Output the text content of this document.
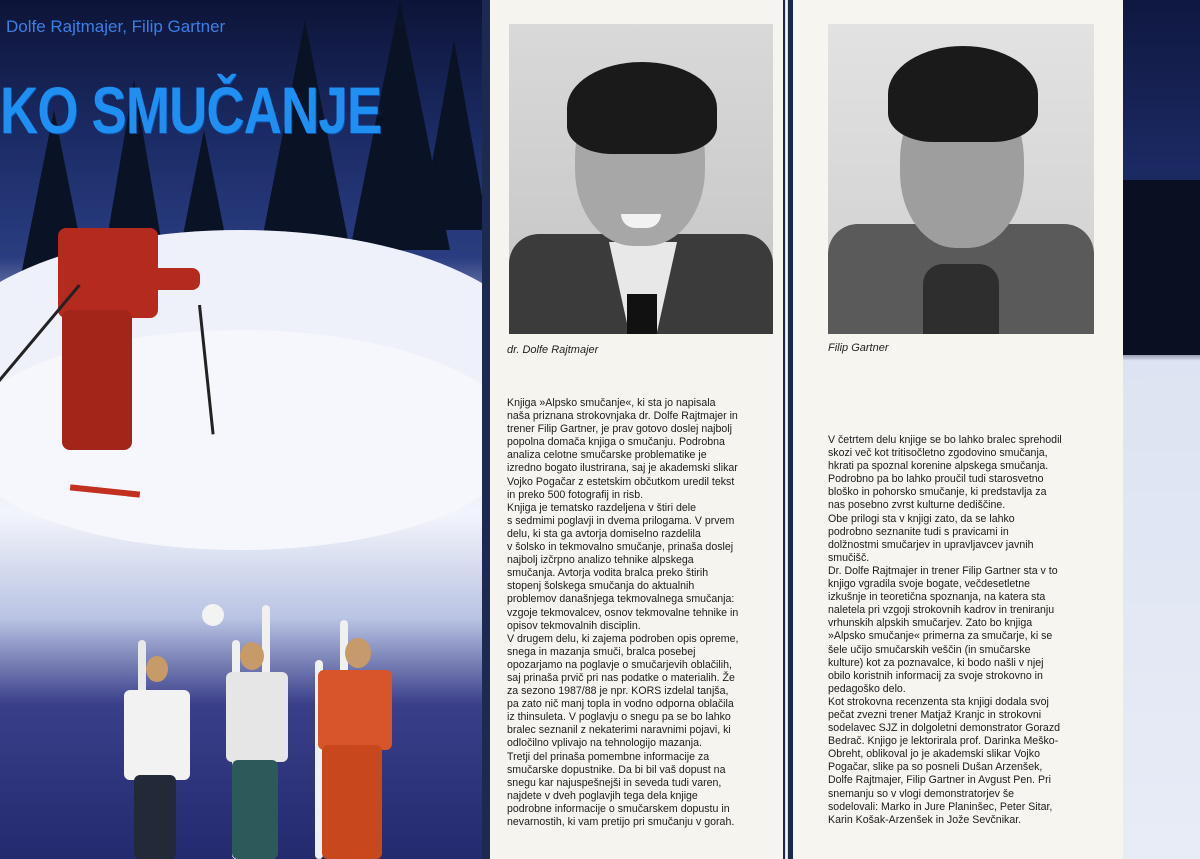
Dolfe Rajtmajer, Filip Gartner
KO SMUČANJE
dr. Dolfe Rajtmajer
Knjiga »Alpsko smučanje«, ki sta jo napisala
naša priznana strokovnjaka dr. Dolfe Rajtmajer in
trener Filip Gartner, je prav gotovo doslej najbolj
popolna domača knjiga o smučanju. Podrobna
analiza celotne smučarske problematike je
izredno bogato ilustrirana, saj je akademski slikar
Vojko Pogačar z estetskim občutkom uredil tekst
in preko 500 fotografij in risb.
Knjiga je tematsko razdeljena v štiri dele
s sedmimi poglavji in dvema prilogama. V prvem
delu, ki sta ga avtorja domiselno razdelila
v šolsko in tekmovalno smučanje, prinaša doslej
najbolj izčrpno analizo tehnike alpskega
smučanja. Avtorja vodita bralca preko štirih
stopenj šolskega smučanja do aktualnih
problemov današnjega tekmovalnega smučanja:
vzgoje tekmovalcev, osnov tekmovalne tehnike in
opisov tekmovalnih disciplin.
V drugem delu, ki zajema podroben opis opreme,
snega in mazanja smuči, bralca posebej
opozarjamo na poglavje o smučarjevih oblačilih,
saj prinaša prvič pri nas podatke o materialih. Že
za sezono 1987/88 je npr. KORS izdelal tanjša,
pa zato nič manj topla in vodno odporna oblačila
iz thinsuleta. V poglavju o snegu pa se bo lahko
bralec seznanil z nekaterimi naravnimi pojavi, ki
odločilno vplivajo na tehnologijo mazanja.
Tretji del prinaša pomembne informacije za
smučarske dopustnike. Da bi bil vaš dopust na
snegu kar najuspešnejši in seveda tudi varen,
najdete v dveh poglavjih tega dela knjige
podrobne informacije o smučarskem dopustu in
nevarnostih, ki vam pretijo pri smučanju v gorah.
Filip Gartner
V četrtem delu knjige se bo lahko bralec sprehodil
skozi več kot tritisočletno zgodovino smučanja,
hkrati pa spoznal korenine alpskega smučanja.
Podrobno pa bo lahko proučil tudi starosvetno
bloško in pohorsko smučanje, ki predstavlja za
nas posebno zvrst kulturne dediščine.
Obe prilogi sta v knjigi zato, da se lahko
podrobno seznanite tudi s pravicami in
dolžnostmi smučarjev in upravljavcev javnih
smučišč.
Dr. Dolfe Rajtmajer in trener Filip Gartner sta v to
knjigo vgradila svoje bogate, večdesetletne
izkušnje in teoretična spoznanja, na katera sta
naletela pri vzgoji strokovnih kadrov in treniranju
vrhunskih alpskih smučarjev. Zato bo knjiga
»Alpsko smučanje« primerna za smučarje, ki se
šele učijo smučarskih veščin (in smučarske
kulture) kot za poznavalce, ki bodo našli v njej
obilo koristnih informacij za svoje strokovno in
pedagoško delo.
Kot strokovna recenzenta sta knjigi dodala svoj
pečat zvezni trener Matjaž Kranjc in strokovni
sodelavec SJZ in dolgoletni demonstrator Gorazd
Bedrač. Knjigo je lektorirala prof. Darinka Meško-
Obreht, oblikoval jo je akademski slikar Vojko
Pogačar, slike pa so posneli Dušan Arzenšek,
Dolfe Rajtmajer, Filip Gartner in Avgust Pen. Pri
snemanju so v vlogi demonstratorjev še
sodelovali: Marko in Jure Planinšec, Peter Sitar,
Karin Košak-Arzenšek in Jože Sevčnikar.
